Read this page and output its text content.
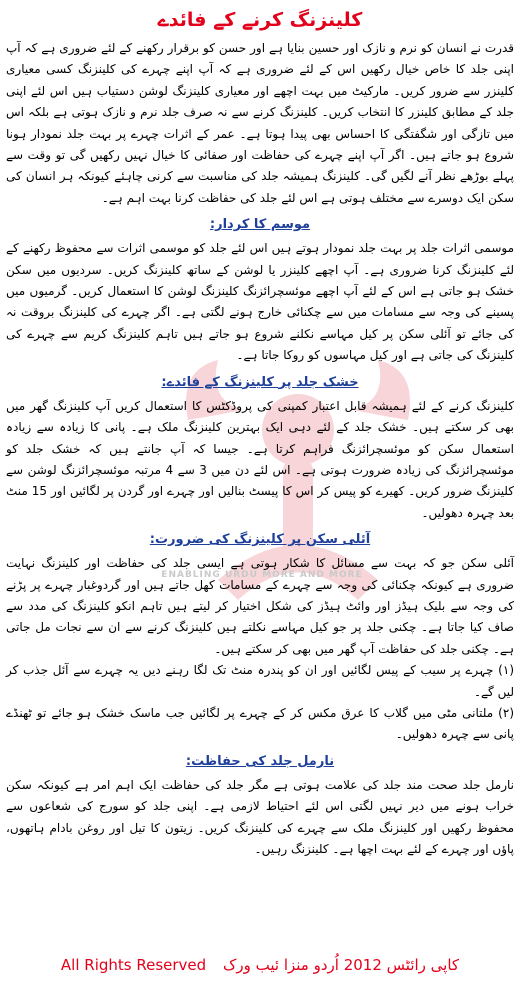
ENABLING URDU MORE AND MORE
کلینزنگ کرنے کے فائدے

قدرت نے انسان کو نرم و نازک اور حسین بنایا ہے اور حسن کو برقرار رکھنے کے لئے ضروری ہے کہ آپ اپنی جلد کا خاص خیال رکھیں اس کے لئے ضروری ہے کہ آپ اپنے چہرے کی کلینزنگ کسی معیاری کلینزر سے ضرور کریں۔ مارکیٹ میں بہت اچھے اور معیاری کلینزنگ لوشن دستیاب ہیں اس لئے اپنی جلد کے مطابق کلینزر کا انتخاب کریں۔ کلینزنگ کرنے سے نہ صرف جلد نرم و نازک ہوتی ہے بلکہ اس میں تازگی اور شگفتگی کا احساس بھی پیدا ہوتا ہے۔ عمر کے اثرات چہرے پر بہت جلد نمودار ہونا شروع ہو جاتے ہیں۔ اگر آپ اپنے چہرے کی حفاظت اور صفائی کا خیال نہیں رکھیں گی تو وقت سے پہلے بوڑھے نظر آنے لگیں گی۔ کلینزنگ ہمیشہ جلد کی مناسبت سے کرنی چاہئے کیونکہ ہر انسان کی سکن ایک دوسرے سے مختلف ہوتی ہے اس لئے جلد کی حفاظت کرنا بہت اہم ہے۔

موسم کا کردار:

موسمی اثرات جلد پر بہت جلد نمودار ہوتے ہیں اس لئے جلد کو موسمی اثرات سے محفوظ رکھنے کے لئے کلینزنگ کرنا ضروری ہے۔ آپ اچھے کلینزر یا لوشن کے ساتھ کلینزنگ کریں۔ سردیوں میں سکن خشک ہو جاتی ہے اس کے لئے آپ اچھے موئسچرائزنگ کلینزنگ لوشن کا استعمال کریں۔ گرمیوں میں پسینے کی وجہ سے مسامات میں سے چکنائی خارج ہونے لگتی ہے۔ اگر چہرے کی کلینزنگ بروقت نہ کی جائے تو آئلی سکن پر کیل مہاسے نکلنے شروع ہو جاتے ہیں تاہم کلینزنگ کریم سے چہرے کی کلینزنگ کی جاتی ہے اور کیل مہاسوں کو روکا جاتا ہے۔

خشک جلد پر کلینزنگ کے فائدے:

کلینزنگ کرنے کے لئے ہمیشہ قابل اعتبار کمپنی کی پروڈکٹس کا استعمال کریں آپ کلینزنگ گھر میں بھی کر سکتے ہیں۔ خشک جلد کے لئے دہی ایک بہترین کلینزنگ ملک ہے۔ پانی کا زیادہ سے زیادہ استعمال سکن کو موئسچرائزنگ فراہم کرتا ہے۔ جیسا کہ آپ جانتے ہیں کہ خشک جلد کو موئسچرائزنگ کی زیادہ ضرورت ہوتی ہے۔ اس لئے دن میں 3 سے 4 مرتبہ موئسچرائزنگ لوشن سے کلینزنگ ضرور کریں۔ کھیرے کو پیس کر اس کا پیسٹ بنالیں اور چہرے اور گردن پر لگائیں اور 15 منٹ بعد چہرہ دھولیں۔

آئلی سکن پر کلینزنگ کی ضرورت:

آئلی سکن جو کہ بہت سے مسائل کا شکار ہوتی ہے ایسی جلد کی حفاظت اور کلینزنگ نہایت ضروری ہے کیونکہ چکنائی کی وجہ سے چہرے کے مسامات کھل جاتے ہیں اور گردوغبار چہرے پر پڑنے کی وجہ سے بلیک ہیڈز اور وائٹ ہیڈز کی شکل اختیار کر لیتے ہیں تاہم انکو کلینزنگ کی مدد سے صاف کیا جاتا ہے۔ چکنی جلد پر جو کیل مہاسے نکلتے ہیں کلینزنگ کرنے سے ان سے نجات مل جاتی ہے۔ چکنی جلد کی حفاظت آپ گھر میں بھی کر سکتے ہیں۔

(۱) چہرے پر سیب کے پیس لگائیں اور ان کو پندرہ منٹ تک لگا رہنے دیں یہ چہرے سے آئل جذب کر لیں گے۔

(۲) ملتانی مٹی میں گلاب کا عرق مکس کر کے چہرے پر لگائیں جب ماسک خشک ہو جائے تو ٹھنڈے پانی سے چہرہ دھولیں۔

نارمل جلد کی حفاظت:

نارمل جلد صحت مند جلد کی علامت ہوتی ہے مگر جلد کی حفاظت ایک اہم امر ہے کیونکہ سکن خراب ہونے میں دیر نہیں لگتی اس لئے احتیاط لازمی ہے۔ اپنی جلد کو سورج کی شعاعوں سے محفوظ رکھیں اور کلینزنگ ملک سے چہرے کی کلینزنگ کریں۔ زیتون کا تیل اور روغن بادام ہاتھوں، پاؤں اور چہرے کے لئے بہت اچھا ہے۔ کلینزنگ رہیں۔

All Rights Reserved کاپی رائٹس 2012 اُردو منزا ئیب ورک
